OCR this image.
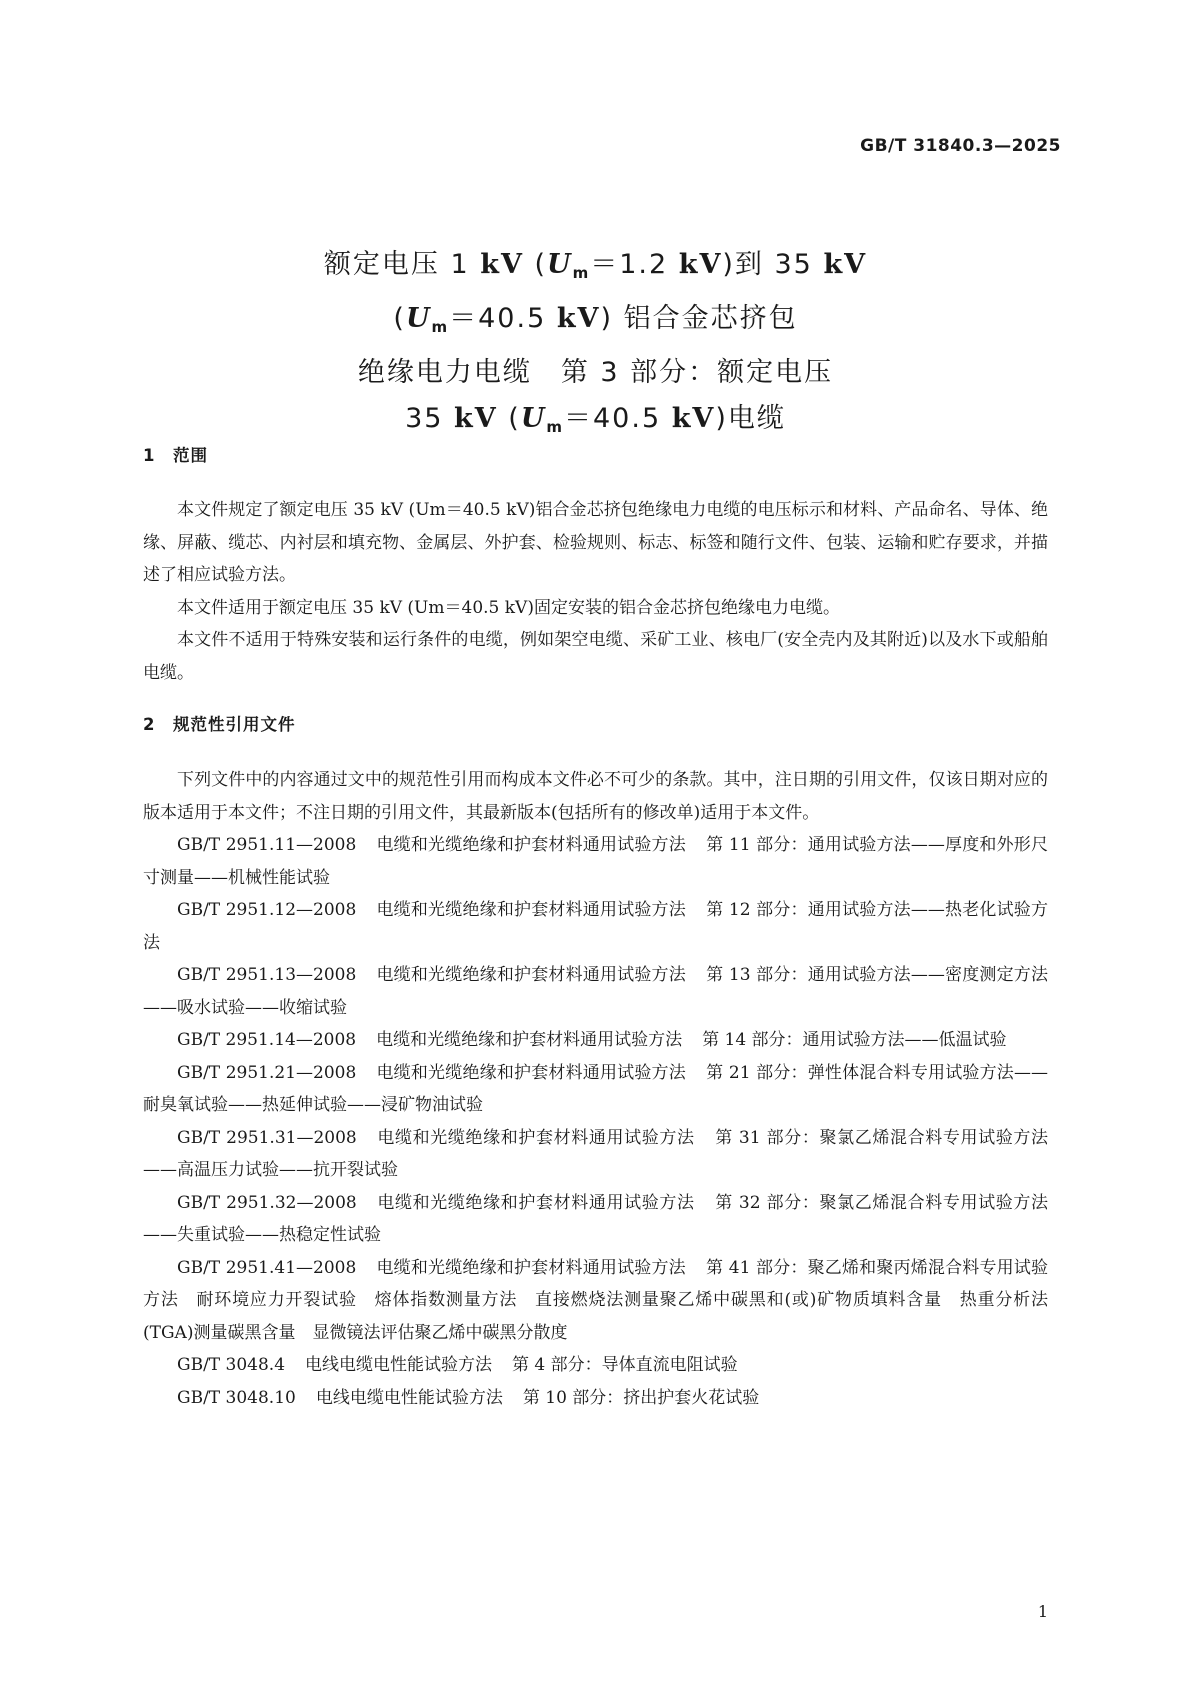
GB/T 31840.3—2025
额定电压 1 kV ($U_m=1.2$ kV)到 35 kV
($U_m=40.5$ kV) 铝合金芯挤包
绝缘电力电缆　第 3 部分：额定电压
35 kV ($U_m=40.5$ kV)电缆
1 范围

本文件规定了额定电压 35 kV (Um＝40.5 kV)铝合金芯挤包绝缘电力电缆的电压标示和材料、产品命名、导体、绝缘、屏蔽、缆芯、内衬层和填充物、金属层、外护套、检验规则、标志、标签和随行文件、包装、运输和贮存要求，并描述了相应试验方法。

本文件适用于额定电压 35 kV (Um＝40.5 kV)固定安装的铝合金芯挤包绝缘电力电缆。

本文件不适用于特殊安装和运行条件的电缆，例如架空电缆、采矿工业、核电厂(安全壳内及其附近)以及水下或船舶电缆。

2 规范性引用文件

下列文件中的内容通过文中的规范性引用而构成本文件必不可少的条款。其中，注日期的引用文件，仅该日期对应的版本适用于本文件；不注日期的引用文件，其最新版本(包括所有的修改单)适用于本文件。

GB/T 2951.11—2008 电缆和光缆绝缘和护套材料通用试验方法 第 11 部分：通用试验方法——厚度和外形尺寸测量——机械性能试验

GB/T 2951.12—2008 电缆和光缆绝缘和护套材料通用试验方法 第 12 部分：通用试验方法——热老化试验方法

GB/T 2951.13—2008 电缆和光缆绝缘和护套材料通用试验方法 第 13 部分：通用试验方法——密度测定方法——吸水试验——收缩试验

GB/T 2951.14—2008 电缆和光缆绝缘和护套材料通用试验方法 第 14 部分：通用试验方法——低温试验

GB/T 2951.21—2008 电缆和光缆绝缘和护套材料通用试验方法 第 21 部分：弹性体混合料专用试验方法——耐臭氧试验——热延伸试验——浸矿物油试验

GB/T 2951.31—2008 电缆和光缆绝缘和护套材料通用试验方法 第 31 部分：聚氯乙烯混合料专用试验方法——高温压力试验——抗开裂试验

GB/T 2951.32—2008 电缆和光缆绝缘和护套材料通用试验方法 第 32 部分：聚氯乙烯混合料专用试验方法——失重试验——热稳定性试验

GB/T 2951.41—2008 电缆和光缆绝缘和护套材料通用试验方法 第 41 部分：聚乙烯和聚丙烯混合料专用试验方法　耐环境应力开裂试验　熔体指数测量方法　直接燃烧法测量聚乙烯中碳黑和(或)矿物质填料含量　热重分析法(TGA)测量碳黑含量　显微镜法评估聚乙烯中碳黑分散度

GB/T 3048.4 电线电缆电性能试验方法 第 4 部分：导体直流电阻试验

GB/T 3048.10 电线电缆电性能试验方法 第 10 部分：挤出护套火花试验

1
